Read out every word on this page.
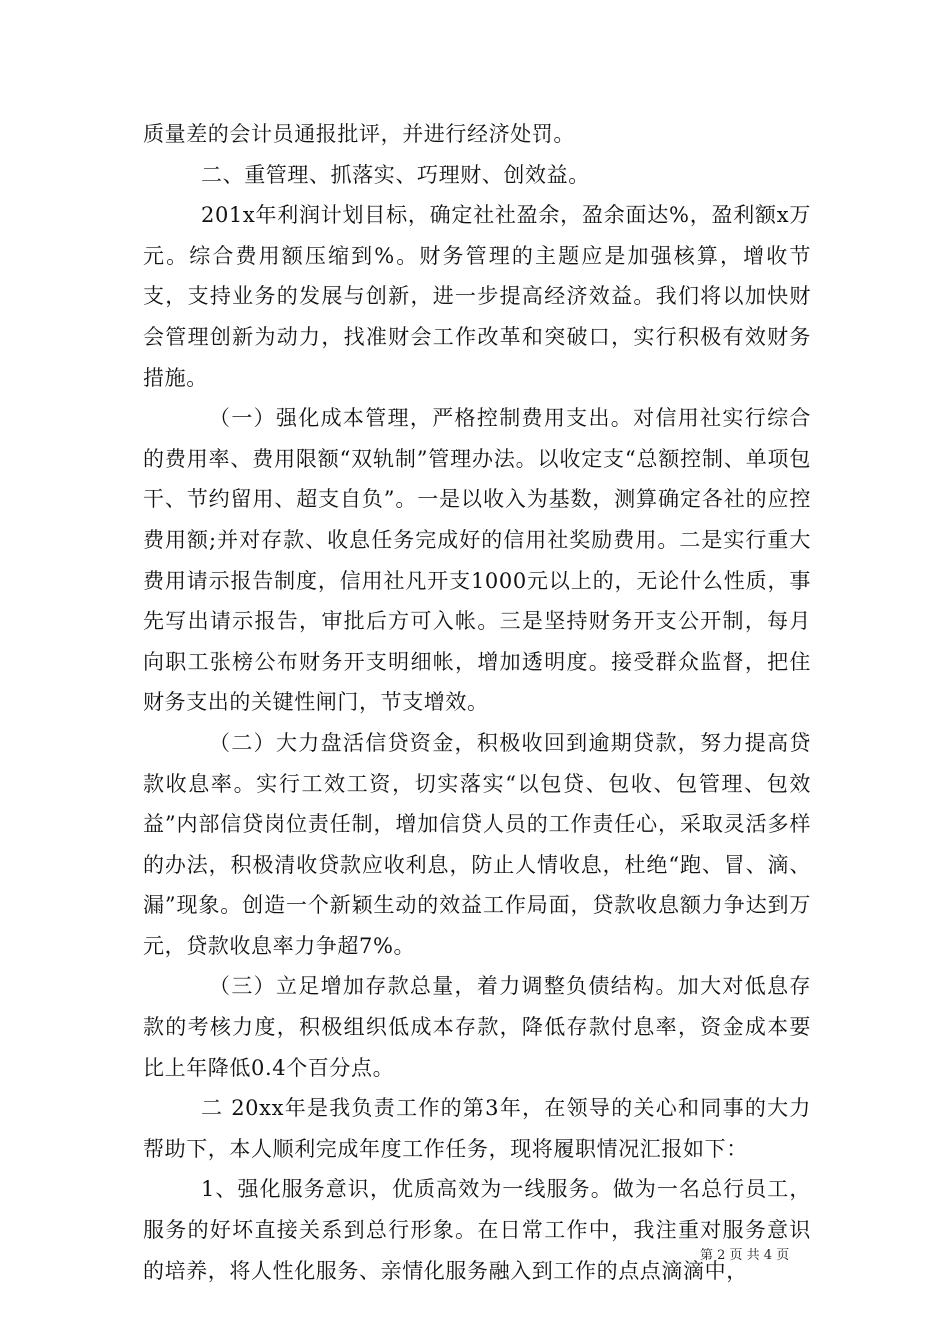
质量差的会计员通报批评，并进行经济处罚。

二、重管理、抓落实、巧理财、创效益。

201x年利润计划目标，确定社社盈余，盈余面达%，盈利额x万元。综合费用额压缩到%。财务管理的主题应是加强核算，增收节支，支持业务的发展与创新，进一步提高经济效益。我们将以加快财会管理创新为动力，找准财会工作改革和突破口，实行积极有效财务措施。

（一）强化成本管理，严格控制费用支出。对信用社实行综合的费用率、费用限额“双轨制”管理办法。以收定支“总额控制、单项包干、节约留用、超支自负”。一是以收入为基数，测算确定各社的应控费用额;并对存款、收息任务完成好的信用社奖励费用。二是实行重大费用请示报告制度，信用社凡开支1000元以上的，无论什么性质，事先写出请示报告，审批后方可入帐。三是坚持财务开支公开制，每月向职工张榜公布财务开支明细帐，增加透明度。接受群众监督，把住财务支出的关键性闸门，节支增效。

（二）大力盘活信贷资金，积极收回到逾期贷款，努力提高贷款收息率。实行工效工资，切实落实“以包贷、包收、包管理、包效益”内部信贷岗位责任制，增加信贷人员的工作责任心，采取灵活多样的办法，积极清收贷款应收利息，防止人情收息，杜绝“跑、冒、滴、漏”现象。创造一个新颖生动的效益工作局面，贷款收息额力争达到万元，贷款收息率力争超7%。

（三）立足增加存款总量，着力调整负债结构。加大对低息存款的考核力度，积极组织低成本存款，降低存款付息率，资金成本要比上年降低0.4个百分点。

二 20xx年是我负责工作的第3年，在领导的关心和同事的大力帮助下，本人顺利完成年度工作任务，现将履职情况汇报如下：

1、强化服务意识，优质高效为一线服务。做为一名总行员工，服务的好坏直接关系到总行形象。在日常工作中，我注重对服务意识的培养，将人性化服务、亲情化服务融入到工作的点点滴滴中，

第 2 页 共 4 页
